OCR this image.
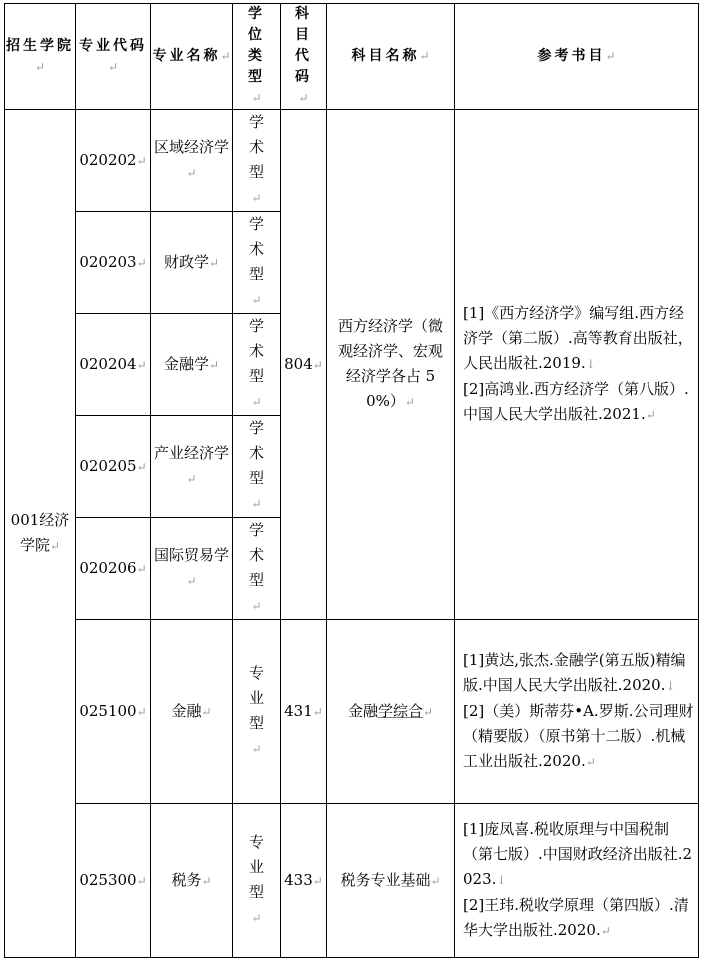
招生学院↵	专业代码↵	专业名称↵	学位类型↵	科目代码↵	科目名称↵	参考书目↵
001经济学院↵	020202↵	区域经济学↵	学术型↵	804↵	西方经济学（微观经济学、宏观经济学各占 50%）↵	[1]《西方经济学》编写组.西方经济学（第二版）.高等教育出版社，人民出版社.2019.↓
[2]高鸿业.西方经济学（第八版）.中国人民大学出版社.2021.↵

	020203↵	财政学↵	学术型↵			
	020204↵	金融学↵	学术型↵			
	020205↵	产业经济学↵	学术型↵			
	020206↵	国际贸易学↵	学术型↵			
	025100↵	金融↵	专业型↵	431↵	金融学综合↵	[1]黄达,张杰.金融学(第五版)精编版.中国人民大学出版社.2020.↓
[2]（美）斯蒂芬•A.罗斯.公司理财（精要版）（原书第十二版）.机械工业出版社.2020.↵

	025300↵	税务↵	专业型↵	433↵	税务专业基础↵	[1]庞凤喜.税收原理与中国税制（第七版）.中国财政经济出版社.2023.↓
[2]王玮.税收学原理（第四版）.清华大学出版社.2020.↵
